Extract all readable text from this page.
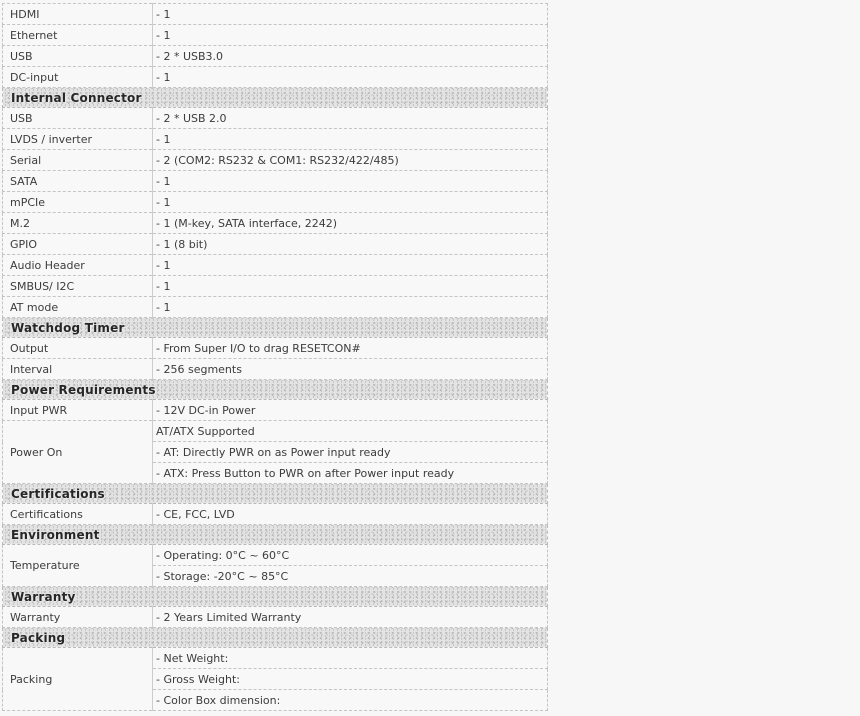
HDMI	- 1
Ethernet	- 1
USB	- 2 * USB3.0
DC-input	- 1
Internal Connector	
USB	- 2 * USB 2.0
LVDS / inverter	- 1
Serial	- 2 (COM2: RS232 & COM1: RS232/422/485)
SATA	- 1
mPCIe	- 1
M.2	- 1 (M-key, SATA interface, 2242)
GPIO	- 1 (8 bit)
Audio Header	- 1
SMBUS/ I2C	- 1
AT mode	- 1
Watchdog Timer	
Output	- From Super I/O to drag RESETCON#
Interval	- 256 segments
Power Requirements	
Input PWR	- 12V DC-in Power
Power On	AT/ATX Supported
	- AT: Directly PWR on as Power input ready
	- ATX: Press Button to PWR on after Power input ready
Certifications	
Certifications	- CE, FCC, LVD
Environment	
Temperature	- Operating: 0°C ~ 60°C
	- Storage: -20°C ~ 85°C
Warranty	
Warranty	- 2 Years Limited Warranty
Packing	
Packing	- Net Weight:
	- Gross Weight:
	- Color Box dimension:
